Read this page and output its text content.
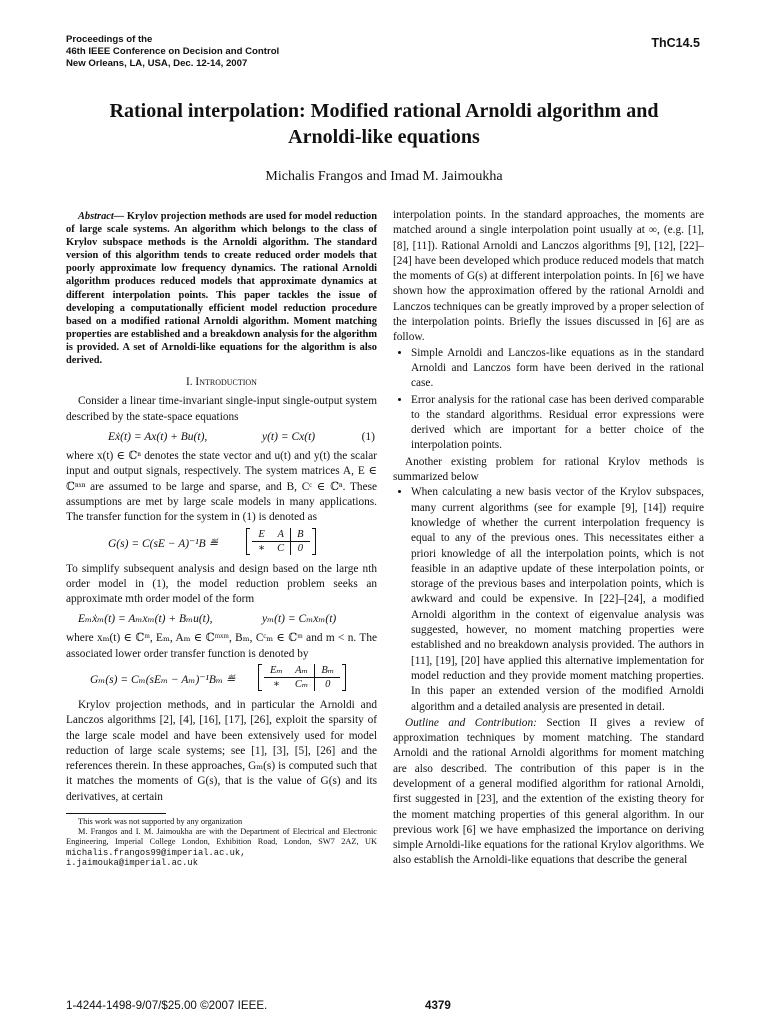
Proceedings of the
46th IEEE Conference on Decision and Control
New Orleans, LA, USA, Dec. 12-14, 2007
ThC14.5
Rational interpolation: Modified rational Arnoldi algorithm and
Arnoldi-like equations
Michalis Frangos and Imad M. Jaimoukha

Abstract— Krylov projection methods are used for model reduction of large scale systems. An algorithm which belongs to the class of Krylov subspace methods is the Arnoldi algorithm. The standard version of this algorithm tends to create reduced order models that poorly approximate low frequency dynamics. The rational Arnoldi algorithm produces reduced models that approximate dynamics at different interpolation points. This paper tackles the issue of developing a computationally efficient model reduction procedure based on a modified rational Arnoldi algorithm. Moment matching properties are established and a breakdown analysis for the algorithm is provided. A set of Arnoldi-like equations for the algorithm is also derived.

I. Introduction

Consider a linear time-invariant single-input single-output system described by the state-space equations

Eẋ(t) = Ax(t) + Bu(t),	y(t) = Cx(t)	(1)

where x(t) ∈ ℂⁿ denotes the state vector and u(t) and y(t) the scalar input and output signals, respectively. The system matrices A, E ∈ ℂⁿˣⁿ are assumed to be large and sparse, and B, Cᶜ ∈ ℂⁿ. These assumptions are met by large scale models in many applications. The transfer function for the system in (1) is denoted as

G(s) = C(sE − A)⁻¹B ≝
E	A	B
∗	C	0

To simplify subsequent analysis and design based on the large nth order model in (1), the model reduction problem seeks an approximate mth order model of the form

Eₘẋₘ(t) = Aₘxₘ(t) + Bₘu(t),	yₘ(t) = Cₘxₘ(t)

where xₘ(t) ∈ ℂᵐ, Eₘ, Aₘ ∈ ℂᵐˣᵐ, Bₘ, Cᶜₘ ∈ ℂᵐ and m < n. The associated lower order transfer function is denoted by

Gₘ(s) = Cₘ(sEₘ − Aₘ)⁻¹Bₘ ≝
Eₘ	Aₘ	Bₘ
∗	Cₘ	0

Krylov projection methods, and in particular the Arnoldi and Lanczos algorithms [2], [4], [16], [17], [26], exploit the sparsity of the large scale model and have been extensively used for model reduction of large scale systems; see [1], [3], [5], [26] and the references therein. In these approaches, Gₘ(s) is computed such that it matches the moments of G(s), that is the value of G(s) and its derivatives, at certain

This work was not supported by any organization

M. Frangos and I. M. Jaimoukha are with the Department of Electrical and Electronic Engineering, Imperial College London, Exhibition Road, London, SW7 2AZ, UK michalis.frangos99@imperial.ac.uk, i.jaimouka@imperial.ac.uk

interpolation points. In the standard approaches, the moments are matched around a single interpolation point usually at ∞, (e.g. [1], [8], [11]). Rational Arnoldi and Lanczos algorithms [9], [12], [22]–[24] have been developed which produce reduced models that match the moments of G(s) at different interpolation points. In [6] we have shown how the approximation offered by the rational Arnoldi and Lanczos techniques can be greatly improved by a proper selection of the interpolation points. Briefly the issues discussed in [6] are as follow.

• Simple Arnoldi and Lanczos-like equations as in the standard Arnoldi and Lanczos form have been derived in the rational case.
• Error analysis for the rational case has been derived comparable to the standard algorithms. Residual error expressions were derived which are important for a better choice of the interpolation points.

Another existing problem for rational Krylov methods is summarized below

• When calculating a new basis vector of the Krylov subspaces, many current algorithms (see for example [9], [14]) require knowledge of whether the current interpolation frequency is equal to any of the previous ones. This necessitates either a priori knowledge of all the interpolation points, which is not feasible in an adaptive update of these interpolation points, or storage of the previous bases and interpolation points, which is awkward and could be expensive. In [22]–[24], a modified Arnoldi algorithm in the context of eigenvalue analysis was suggested, however, no moment matching properties were established and no breakdown analysis provided. The authors in [11], [19], [20] have applied this alternative implementation for model reduction and they provide moment matching properties. In this paper an extended version of the modified Arnoldi algorithm and a detailed analysis are presented in detail.

Outline and Contribution: Section II gives a review of approximation techniques by moment matching. The standard Arnoldi and the rational Arnoldi algorithms for moment matching are also described. The contribution of this paper is in the development of a general modified algorithm for rational Arnoldi, first suggested in [23], and the extention of the existing theory for the moment matching properties of this general algorithm. In our previous work [6] we have emphasized the importance on deriving simple Arnoldi-like equations for the rational Krylov algorithms. We also establish the Arnoldi-like equations that describe the general

1-4244-1498-9/07/$25.00 ©2007 IEEE.	4379
